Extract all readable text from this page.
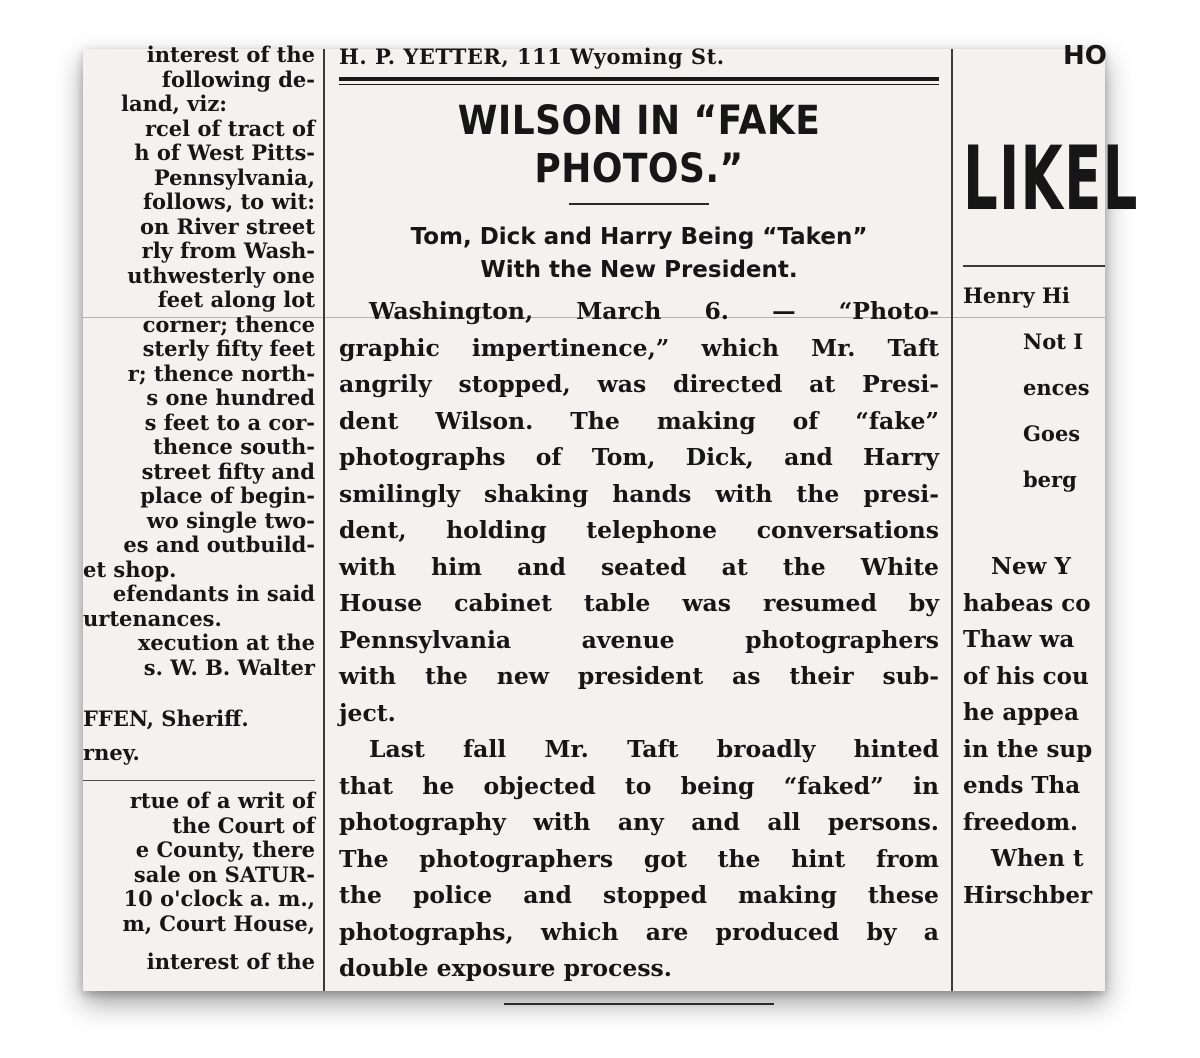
interest of the
following de-
land, viz:
rcel of tract of
h of West Pitts-
Pennsylvania,
follows, to wit:
on River street
rly from Wash-
uthwesterly one
feet along lot
corner; thence
sterly fifty feet
r; thence north-
s one hundred
s feet to a cor-
thence south-
street fifty and
place of begin-
wo single two-
es and outbuild-
et shop.
efendants in said
urtenances.
xecution at the
s. W. B. Walter
FFEN, Sheriff.
rney.
rtue of a writ of
the Court of
e County, there
sale on SATUR-
10 o'clock a. m.,
m, Court House,
interest of the
H. P. YETTER, 111 Wyoming St.
WILSON IN “FAKE PHOTOS.”
Tom, Dick and Harry Being “Taken”
With the New President.
Washington, March 6. — “Photo-
graphic impertinence,” which Mr. Taft
angrily stopped, was directed at Presi-
dent Wilson. The making of “fake”
photographs of Tom, Dick, and Harry
smilingly shaking hands with the presi-
dent, holding telephone conversations
with him and seated at the White
House cabinet table was resumed by
Pennsylvania avenue photographers
with the new president as their sub-
ject.
Last fall Mr. Taft broadly hinted
that he objected to being “faked” in
photography with any and all persons.
The photographers got the hint from
the police and stopped making these
photographs, which are produced by a
double exposure process.
HO
LIKEL
Henry Hi
Not I
ences
Goes
berg
New Y
habeas co
Thaw wa
of his cou
he appea
in the sup
ends Tha
freedom.
When t
Hirschber
